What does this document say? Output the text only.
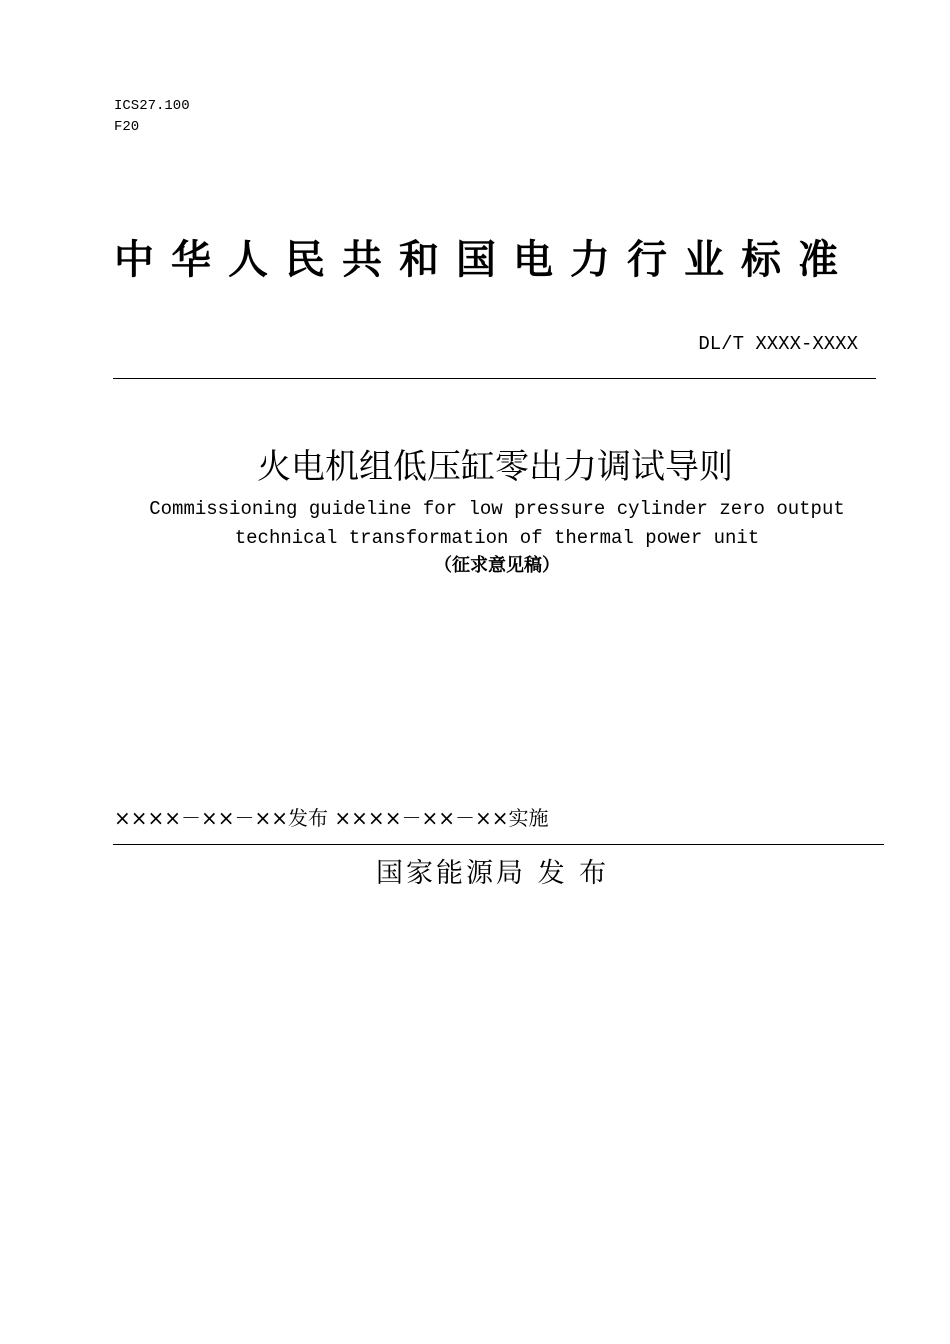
ICS27.100
F20
中华人民共和国电力行业标准
DL/T XXXX-XXXX
火电机组低压缸零出力调试导则
Commissioning guideline for low pressure cylinder zero output
technical transformation of thermal power unit
（征求意见稿）
××××－××－××发布 ××××－××－××实施
国家能源局 发 布
